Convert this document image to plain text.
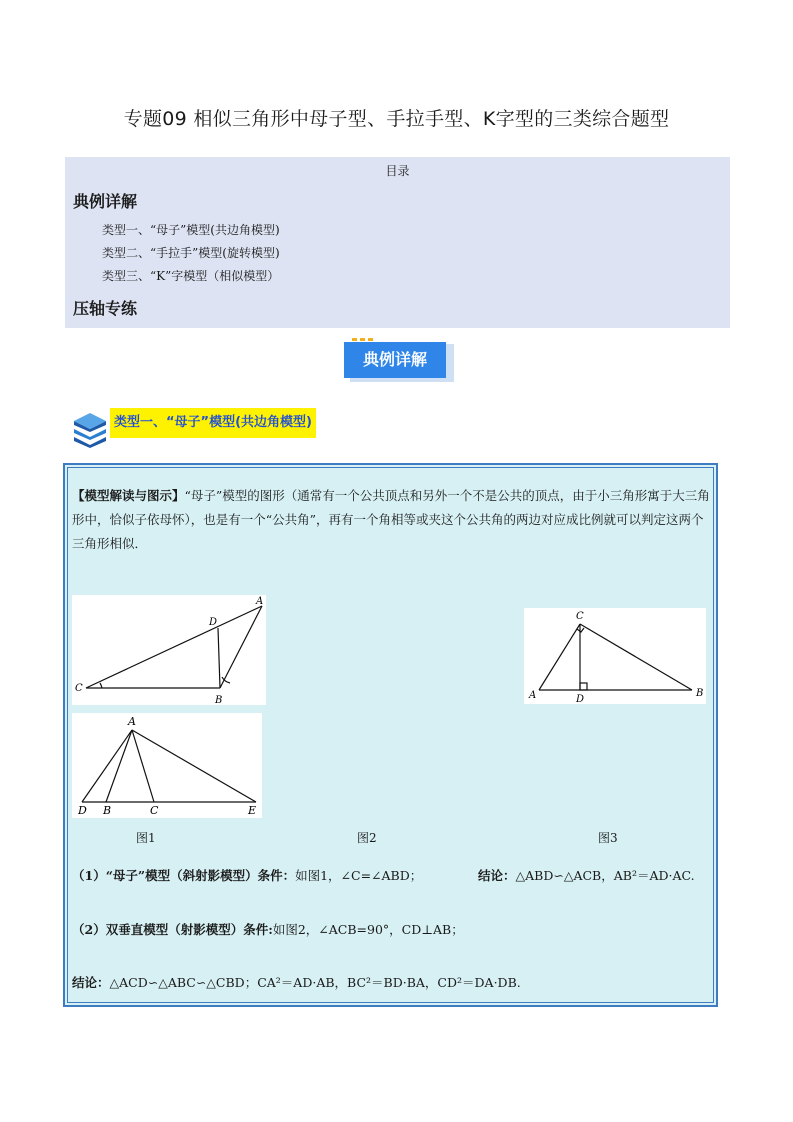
专题09 相似三角形中母子型、手拉手型、K字型的三类综合题型
目录
典例详解
类型一、“母子”模型(共边角模型)
类型二、“手拉手”模型(旋转模型)
类型三、“K”字模型（相似模型）
压轴专练
典例详解
类型一、“母子”模型(共边角模型)
【模型解读与图示】“母子”模型的图形（通常有一个公共顶点和另外一个不是公共的顶点，由于小三角形寓于大三角形中，恰似子依母怀），也是有一个“公共角”，再有一个角相等或夹这个公共角的两边对应成比例就可以判定这两个三角形相似．
A
D
C
B
C
A	D
B
A
D B	C	E
图1	图2	图3
（1）“母子”模型（斜射影模型）条件：如图1，∠C=∠ABD；	结论：△ABD∽△ACB，AB²＝AD·AC.
（2）双垂直模型（射影模型）条件:如图2，∠ACB=90°，CD⊥AB；
结论：△ACD∽△ABC∽△CBD；CA²＝AD·AB，BC²＝BD·BA，CD²＝DA·DB.
